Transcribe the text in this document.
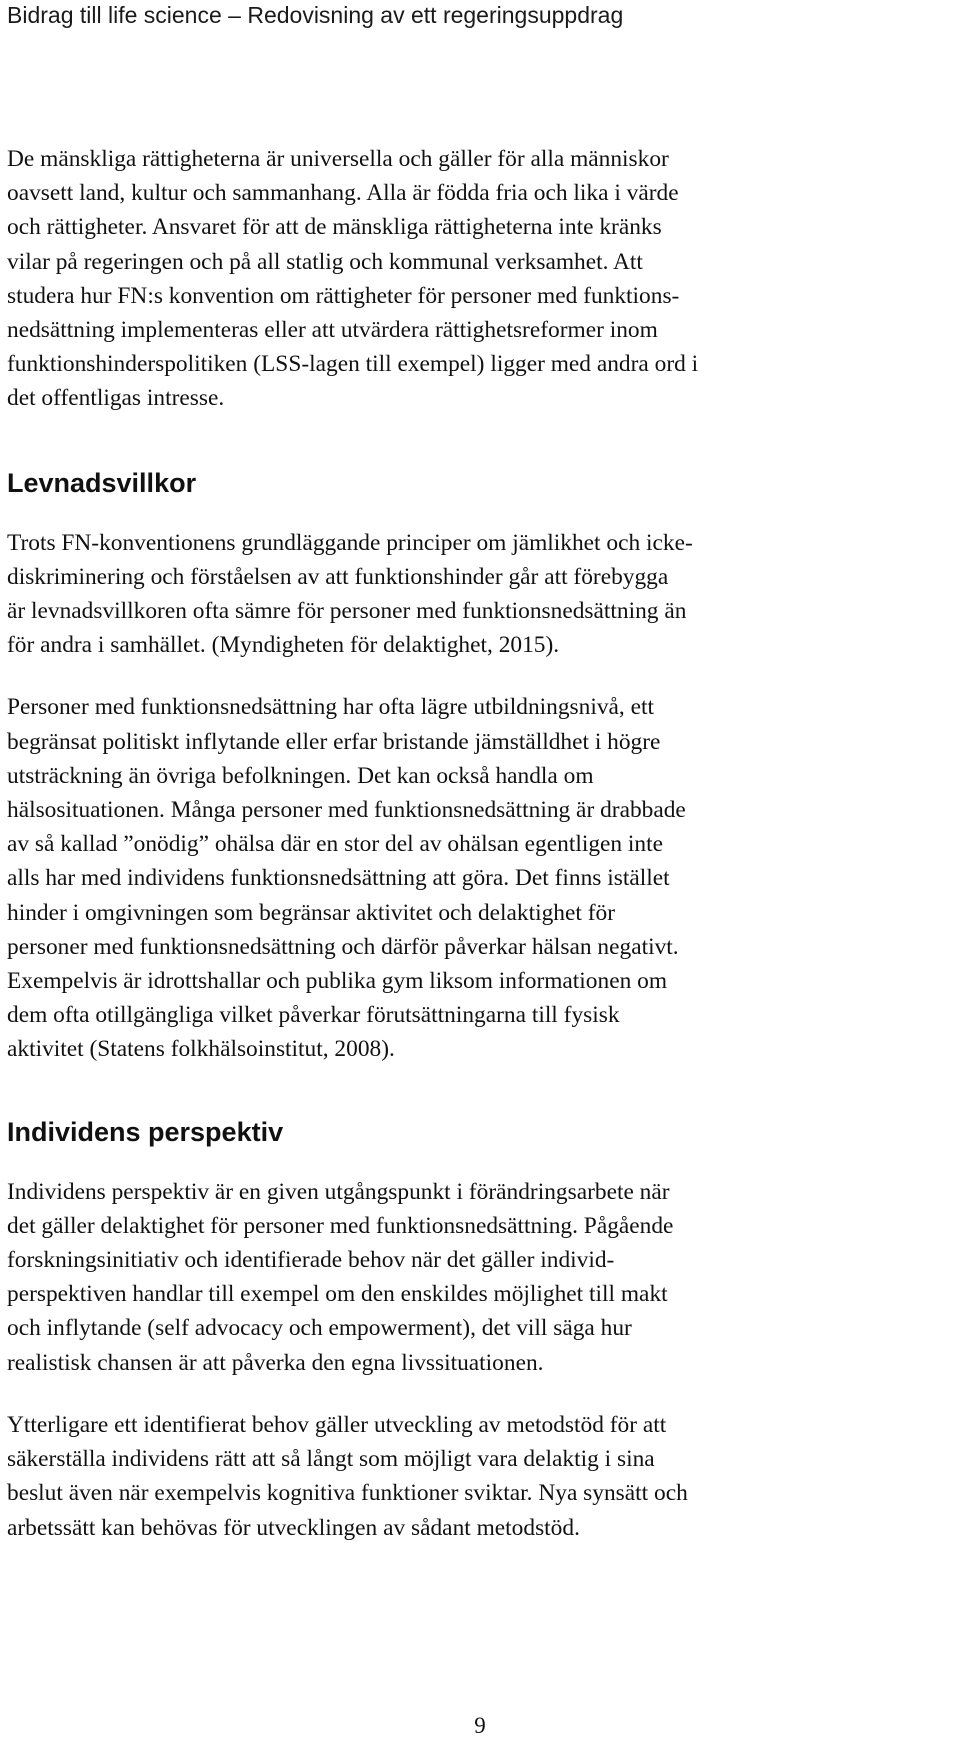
Bidrag till life science – Redovisning av ett regeringsuppdrag

De mänskliga rättigheterna är universella och gäller för alla människor
oavsett land, kultur och sammanhang. Alla är födda fria och lika i värde
och rättigheter. Ansvaret för att de mänskliga rättigheterna inte kränks
vilar på regeringen och på all statlig och kommunal verksamhet. Att
studera hur FN:s konvention om rättigheter för personer med funktions-
nedsättning implementeras eller att utvärdera rättighetsreformer inom
funktionshinderspolitiken (LSS-lagen till exempel) ligger med andra ord i
det offentligas intresse.

Levnadsvillkor

Trots FN-konventionens grundläggande principer om jämlikhet och icke-
diskriminering och förståelsen av att funktionshinder går att förebygga
är levnadsvillkoren ofta sämre för personer med funktionsnedsättning än
för andra i samhället. (Myndigheten för delaktighet, 2015).

Personer med funktionsnedsättning har ofta lägre utbildningsnivå, ett
begränsat politiskt inflytande eller erfar bristande jämställdhet i högre
utsträckning än övriga befolkningen. Det kan också handla om
hälsosituationen. Många personer med funktionsnedsättning är drabbade
av så kallad ”onödig” ohälsa där en stor del av ohälsan egentligen inte
alls har med individens funktionsnedsättning att göra. Det finns istället
hinder i omgivningen som begränsar aktivitet och delaktighet för
personer med funktionsnedsättning och därför påverkar hälsan negativt.
Exempelvis är idrottshallar och publika gym liksom informationen om
dem ofta otillgängliga vilket påverkar förutsättningarna till fysisk
aktivitet (Statens folkhälsoinstitut, 2008).

Individens perspektiv

Individens perspektiv är en given utgångspunkt i förändringsarbete när
det gäller delaktighet för personer med funktionsnedsättning. Pågående
forskningsinitiativ och identifierade behov när det gäller individ-
perspektiven handlar till exempel om den enskildes möjlighet till makt
och inflytande (self advocacy och empowerment), det vill säga hur
realistisk chansen är att påverka den egna livssituationen.

Ytterligare ett identifierat behov gäller utveckling av metodstöd för att
säkerställa individens rätt att så långt som möjligt vara delaktig i sina
beslut även när exempelvis kognitiva funktioner sviktar. Nya synsätt och
arbetssätt kan behövas för utvecklingen av sådant metodstöd.

9
